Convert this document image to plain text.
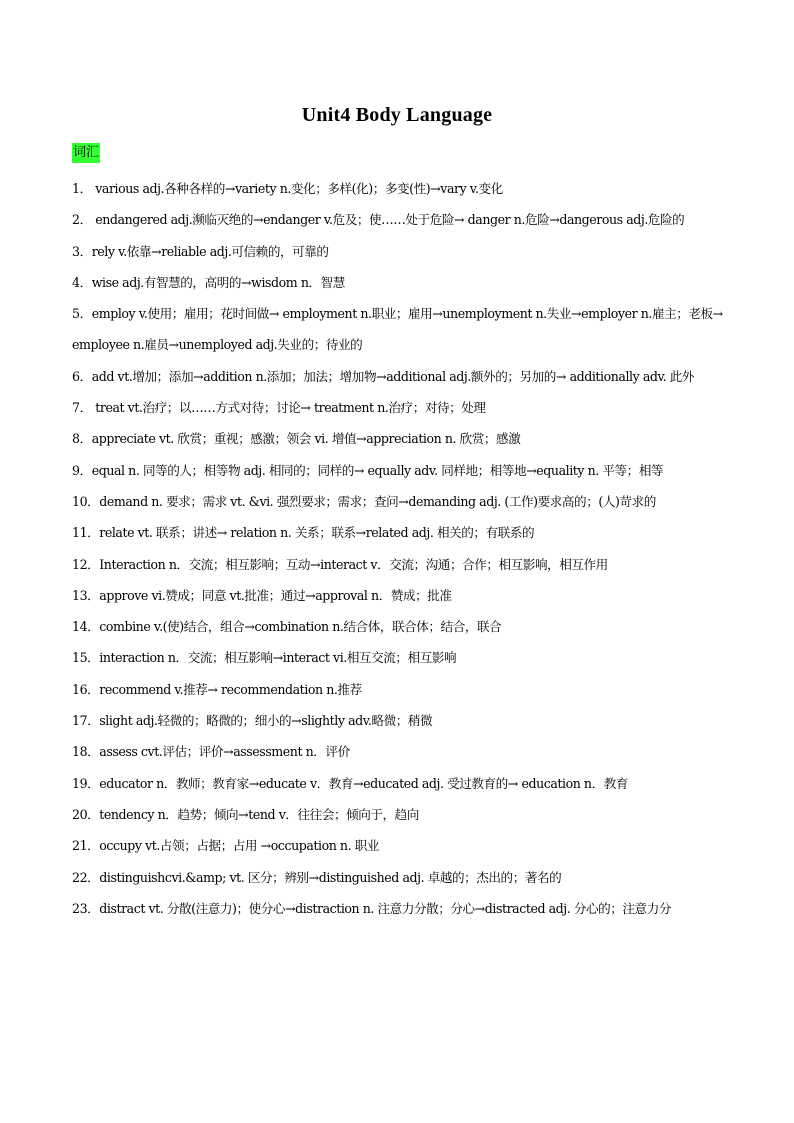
Unit4 Body Language
词汇
1． various adj.各种各样的→variety n.变化；多样(化)；多变(性)→vary v.变化
2． endangered adj.濒临灭绝的→endanger v.危及；使……处于危险→ danger n.危险→dangerous adj.危险的
3．rely v.依靠→reliable adj.可信赖的，可靠的
4．wise adj.有智慧的，高明的→wisdom n．智慧
5．employ v.使用；雇用；花时间做→ employment n.职业；雇用→unemployment n.失业→employer n.雇主；老板→ employee n.雇员→unemployed adj.失业的；待业的
6．add vt.增加；添加→addition n.添加；加法；增加物→additional adj.额外的；另加的→ additionally adv. 此外
7． treat vt.治疗；以……方式对待；讨论→ treatment n.治疗；对待；处理
8．appreciate vt. 欣赏；重视；感激；领会 vi. 增值→appreciation n. 欣赏；感激
9．equal n. 同等的人；相等物 adj. 相同的；同样的→ equally adv. 同样地；相等地→equality n. 平等；相等
10．demand n. 要求；需求 vt. &vi. 强烈要求；需求；查问→demanding adj. (工作)要求高的；(人)苛求的
11．relate vt. 联系；讲述→ relation n. 关系；联系→related adj. 相关的；有联系的
12．Interaction n．交流；相互影响；互动→interact v．交流；沟通；合作；相互影响，相互作用
13．approve vi.赞成；同意 vt.批准；通过→approval n．赞成；批准
14．combine v.(使)结合，组合→combination n.结合体，联合体；结合，联合
15．interaction n．交流；相互影响→interact vi.相互交流；相互影响
16．recommend v.推荐→ recommendation n.推荐
17．slight adj.轻微的；略微的；细小的→slightly adv.略微；稍微
18．assess cvt.评估；评价→assessment n．评价
19．educator n．教师；教育家→educate v．教育→educated adj. 受过教育的→ education n．教育
20．tendency n．趋势；倾向→tend v．往往会；倾向于，趋向
21．occupy vt.占领；占据；占用 →occupation n. 职业
22．distinguishcvi.&amp; vt. 区分；辨别→distinguished adj. 卓越的；杰出的；著名的
23．distract vt. 分散(注意力)；使分心→distraction n. 注意力分散；分心→distracted adj. 分心的；注意力分
